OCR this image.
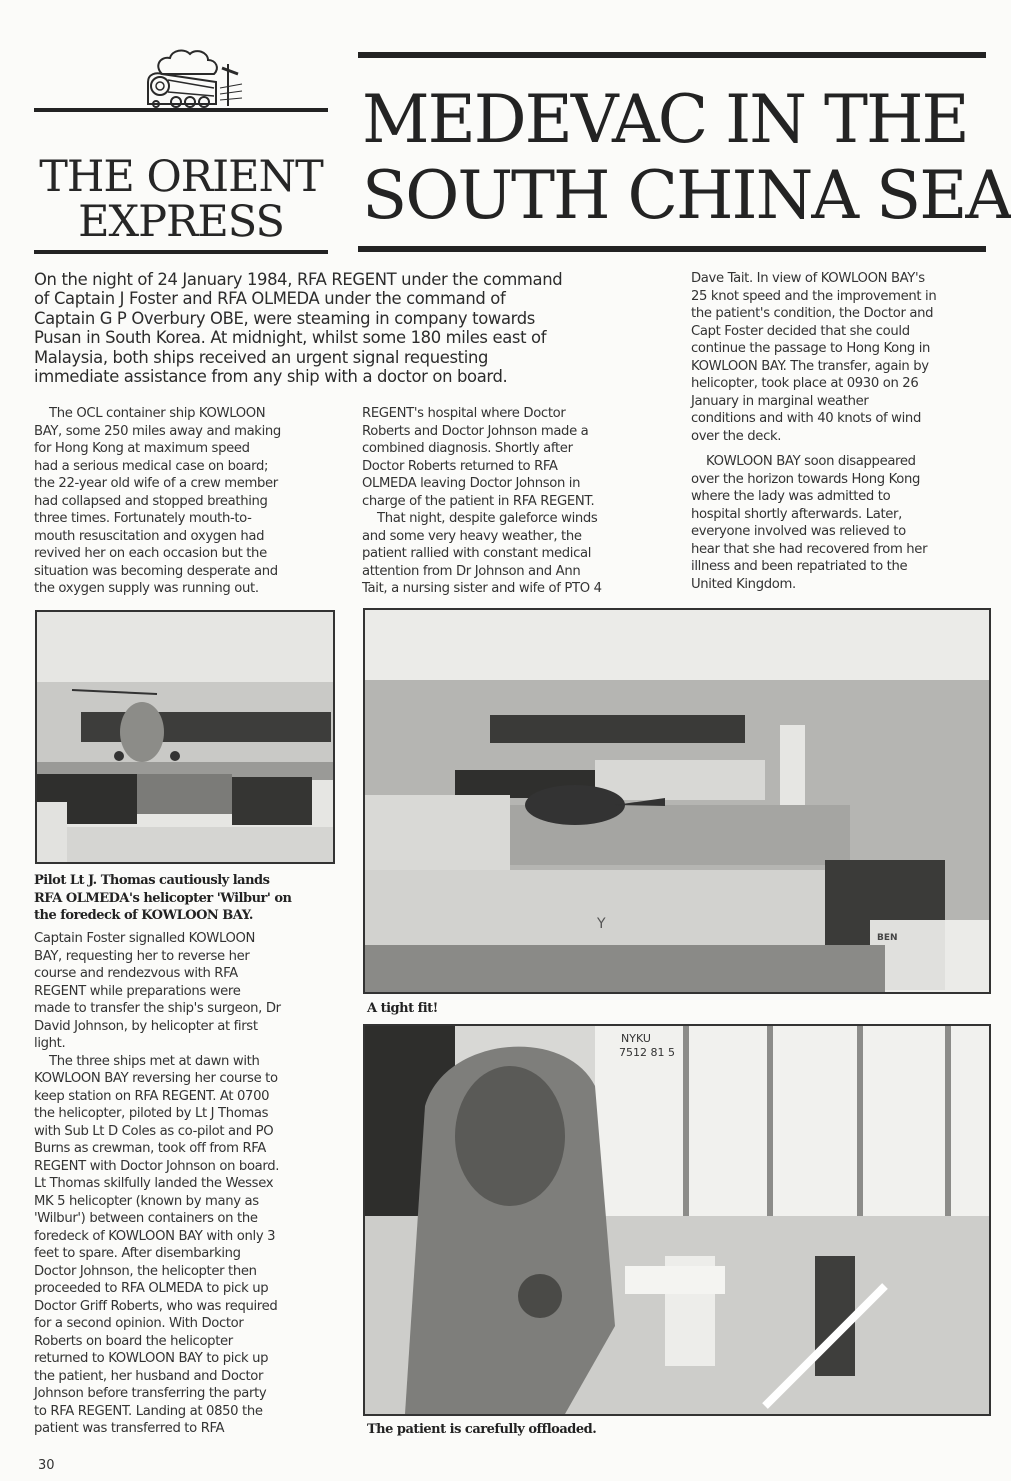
THE ORIENT
EXPRESS
MEDEVAC IN THE
SOUTH CHINA SEA
On the night of 24 January 1984, RFA REGENT under the command
of Captain J Foster and RFA OLMEDA under the command of
Captain G P Overbury OBE, were steaming in company towards
Pusan in South Korea. At midnight, whilst some 180 miles east of
Malaysia, both ships received an urgent signal requesting
immediate assistance from any ship with a doctor on board.
The OCL container ship KOWLOON
BAY, some 250 miles away and making
for Hong Kong at maximum speed
had a serious medical case on board;
the 22-year old wife of a crew member
had collapsed and stopped breathing
three times. Fortunately mouth-to-
mouth resuscitation and oxygen had
revived her on each occasion but the
situation was becoming desperate and
the oxygen supply was running out.
REGENT's hospital where Doctor
Roberts and Doctor Johnson made a
combined diagnosis. Shortly after
Doctor Roberts returned to RFA
OLMEDA leaving Doctor Johnson in
charge of the patient in RFA REGENT.
That night, despite galeforce winds
and some very heavy weather, the
patient rallied with constant medical
attention from Dr Johnson and Ann
Tait, a nursing sister and wife of PTO 4
Dave Tait. In view of KOWLOON BAY's
25 knot speed and the improvement in
the patient's condition, the Doctor and
Capt Foster decided that she could
continue the passage to Hong Kong in
KOWLOON BAY. The transfer, again by
helicopter, took place at 0930 on 26
January in marginal weather
conditions and with 40 knots of wind
over the deck.
KOWLOON BAY soon disappeared
over the horizon towards Hong Kong
where the lady was admitted to
hospital shortly afterwards. Later,
everyone involved was relieved to
hear that she had recovered from her
illness and been repatriated to the
United Kingdom.
Pilot Lt J. Thomas cautiously lands
RFA OLMEDA's helicopter 'Wilbur' on
the foredeck of KOWLOON BAY.
Captain Foster signalled KOWLOON
BAY, requesting her to reverse her
course and rendezvous with RFA
REGENT while preparations were
made to transfer the ship's surgeon, Dr
David Johnson, by helicopter at first
light.
The three ships met at dawn with
KOWLOON BAY reversing her course to
keep station on RFA REGENT. At 0700
the helicopter, piloted by Lt J Thomas
with Sub Lt D Coles as co-pilot and PO
Burns as crewman, took off from RFA
REGENT with Doctor Johnson on board.
Lt Thomas skilfully landed the Wessex
MK 5 helicopter (known by many as
'Wilbur') between containers on the
foredeck of KOWLOON BAY with only 3
feet to spare. After disembarking
Doctor Johnson, the helicopter then
proceeded to RFA OLMEDA to pick up
Doctor Griff Roberts, who was required
for a second opinion. With Doctor
Roberts on board the helicopter
returned to KOWLOON BAY to pick up
the patient, her husband and Doctor
Johnson before transferring the party
to RFA REGENT. Landing at 0850 the
patient was transferred to RFA
Y
BEN
A tight fit!
NYKU
7512 81 5
The patient is carefully offloaded.
30
